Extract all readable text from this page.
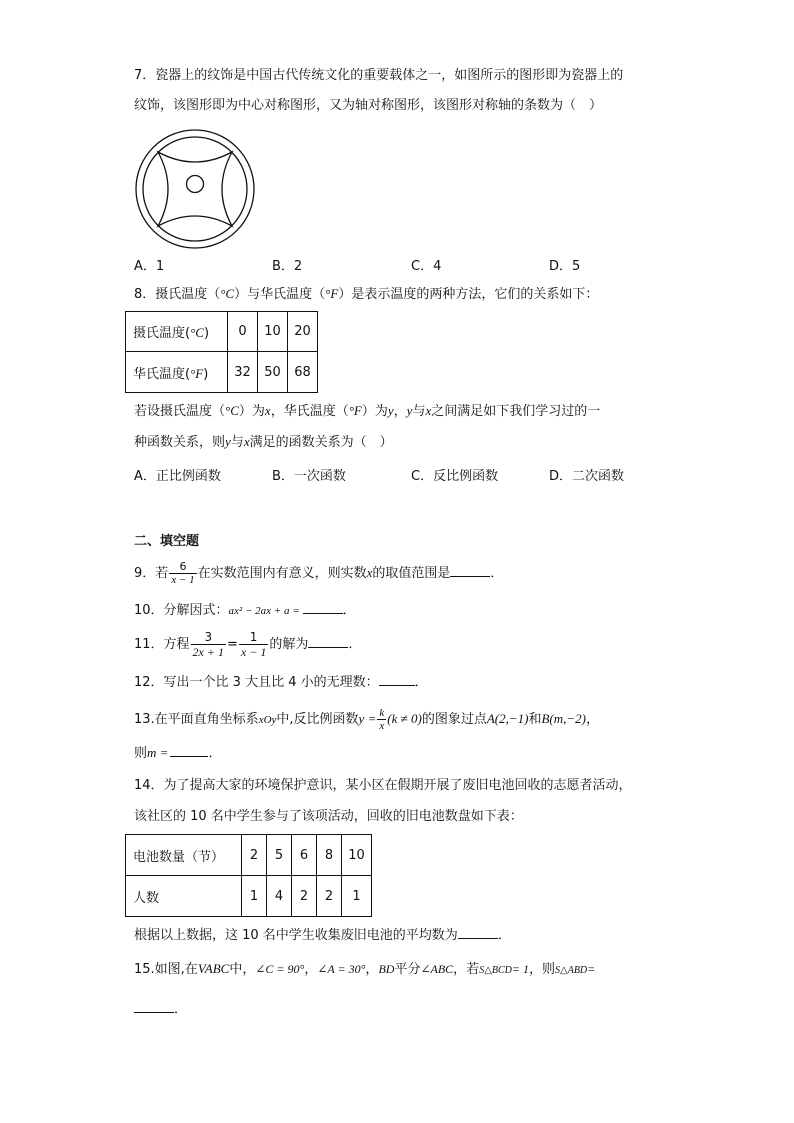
7．瓷器上的纹饰是中国古代传统文化的重要载体之一，如图所示的图形即为瓷器上的
纹饰，该图形即为中心对称图形，又为轴对称图形，该图形对称轴的条数为（　）
A．1	B．2	C．4	D．5
8．摄氏温度（°C）与华氏温度（°F）是表示温度的两种方法，它们的关系如下：
摄氏温度(°C)	0	10	20
华氏温度(°F)	32	50	68
若设摄氏温度（°C）为x，华氏温度（°F）为y，y与x之间满足如下我们学习过的一
种函数关系，则y与x满足的函数关系为（　）
A．正比例函数	B．一次函数	C．反比例函数	D．二次函数
二、填空题
9．若 $\frac{6}{x - 1}$ 在实数范围内有意义，则实数x的取值范围是	．
10．分解因式：ax² − 2ax + a =	．
11．方程 $\frac{3}{2x + 1} = \frac{1}{x - 1}$ 的解为	．
12．写出一个比 3 大且比 4 小的无理数：	．
13.在平面直角坐标系xOy中,反比例函数$y = \frac{k}{x} (k \ne 0)$的图象过点A(2,−1)和B(m,−2)，
则m =	．
14．为了提高大家的环境保护意识，某小区在假期开展了废旧电池回收的志愿者活动，
该社区的 10 名中学生参与了该项活动，回收的旧电池数盘如下表：
电池数量（节）	2	5	6	8	10
人数	1	4	2	2	1
根据以上数据，这 10 名中学生收集废旧电池的平均数为	．
15.如图,在VABC中，∠C = 90°，∠A = 30°，BD平分∠ABC，若S△BCD= 1，则S△ABD=
．
